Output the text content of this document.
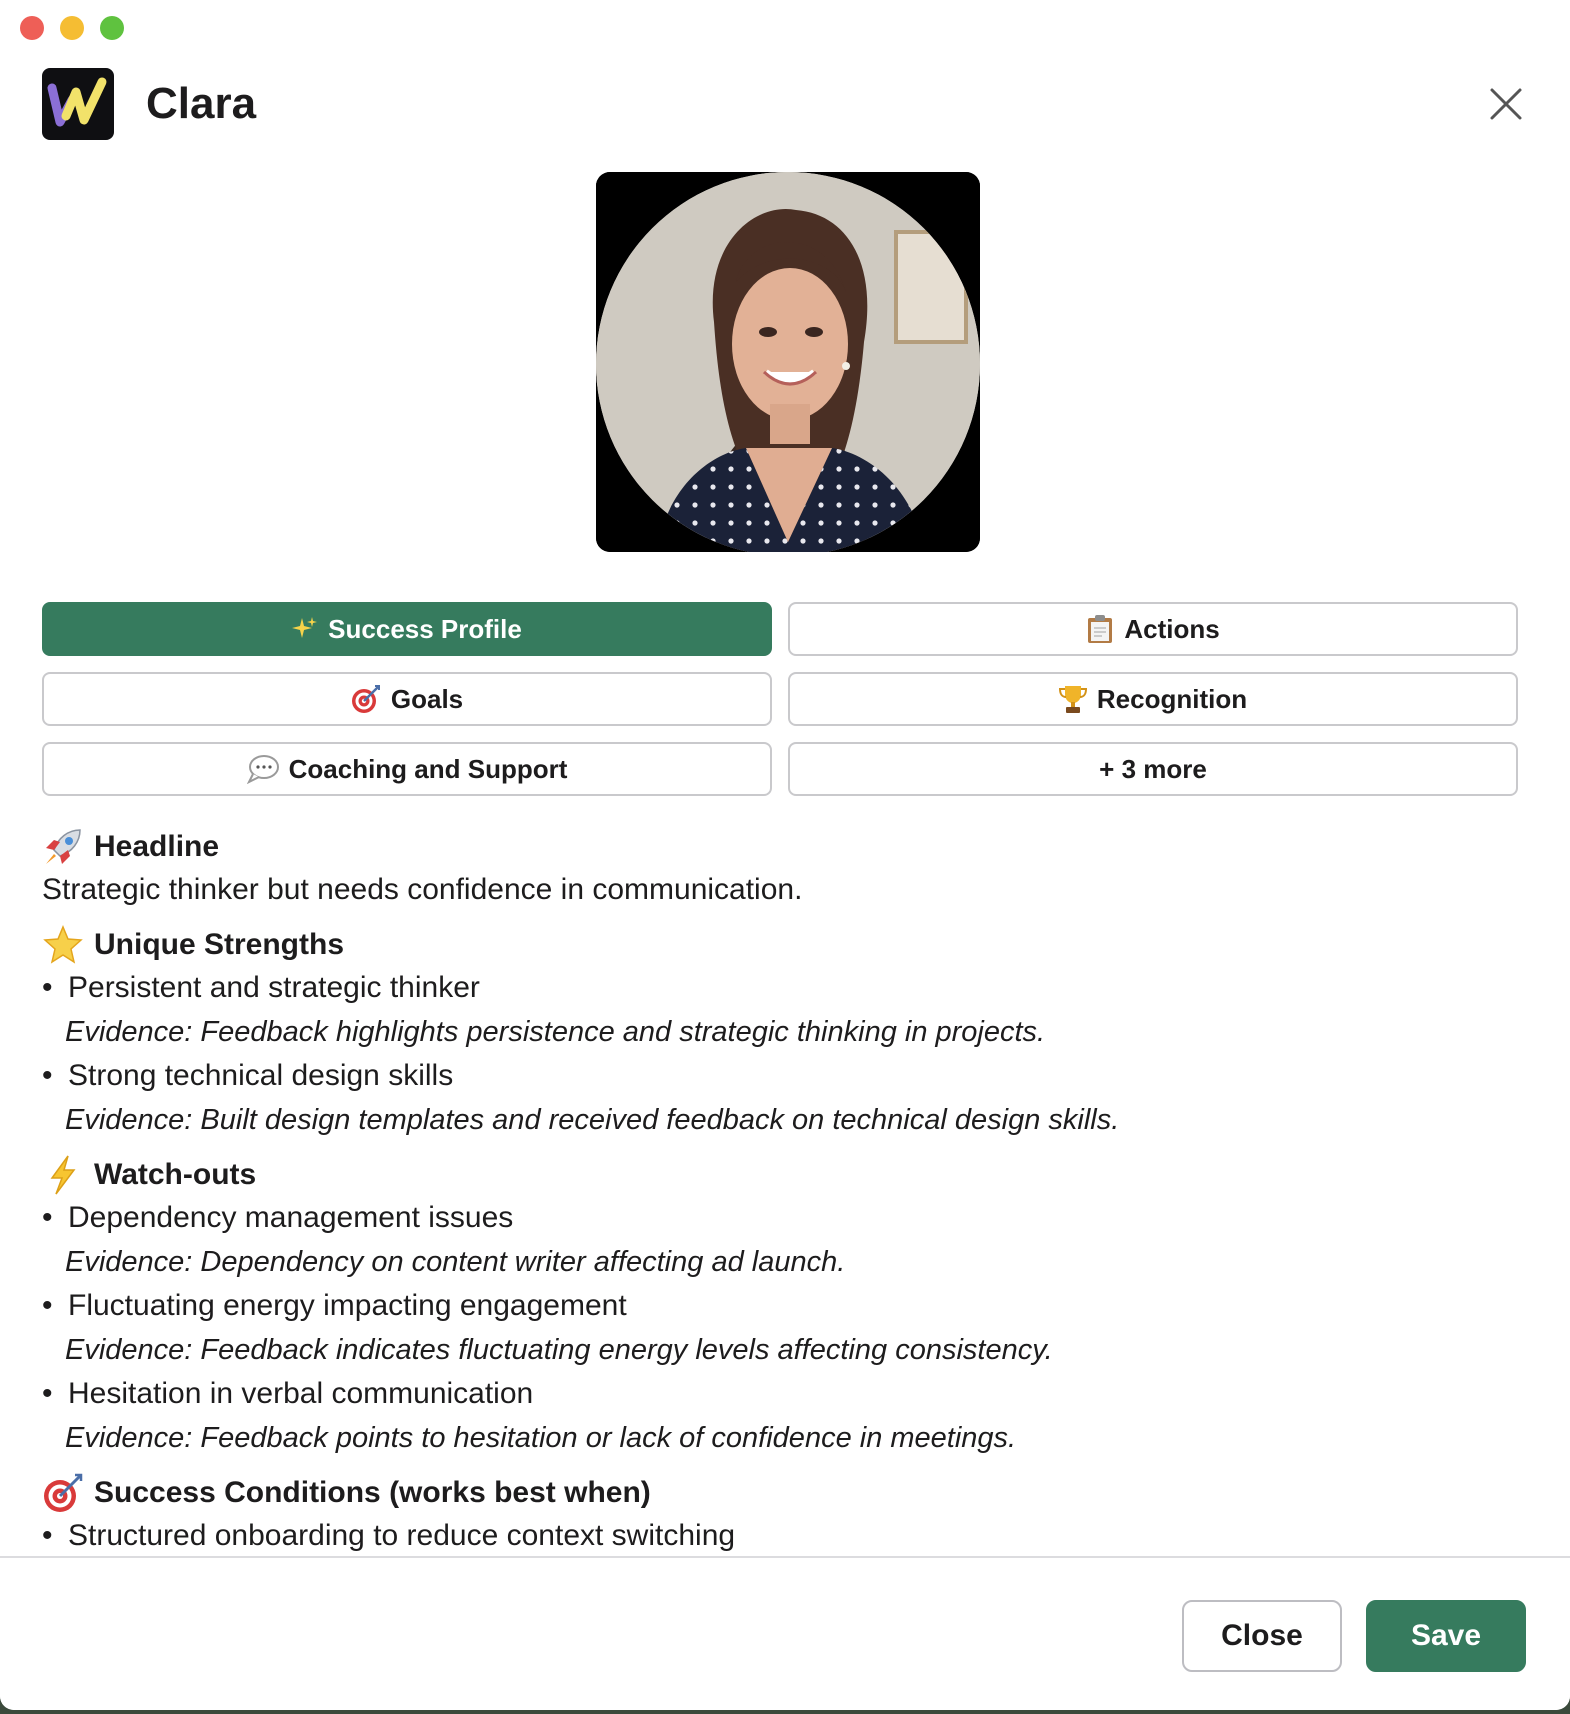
Clara
Success Profile	Actions
Goals	Recognition
Coaching and Support	+ 3 more
Headline

Strategic thinker but needs confidence in communication.

Unique Strengths
• Persistent and strategic thinker
Evidence: Feedback highlights persistence and strategic thinking in projects.
• Strong technical design skills
Evidence: Built design templates and received feedback on technical design skills.
Watch-outs
• Dependency management issues
Evidence: Dependency on content writer affecting ad launch.
• Fluctuating energy impacting engagement
Evidence: Feedback indicates fluctuating energy levels affecting consistency.
• Hesitation in verbal communication
Evidence: Feedback points to hesitation or lack of confidence in meetings.
Success Conditions (works best when)
• Structured onboarding to reduce context switching
Close	Save
